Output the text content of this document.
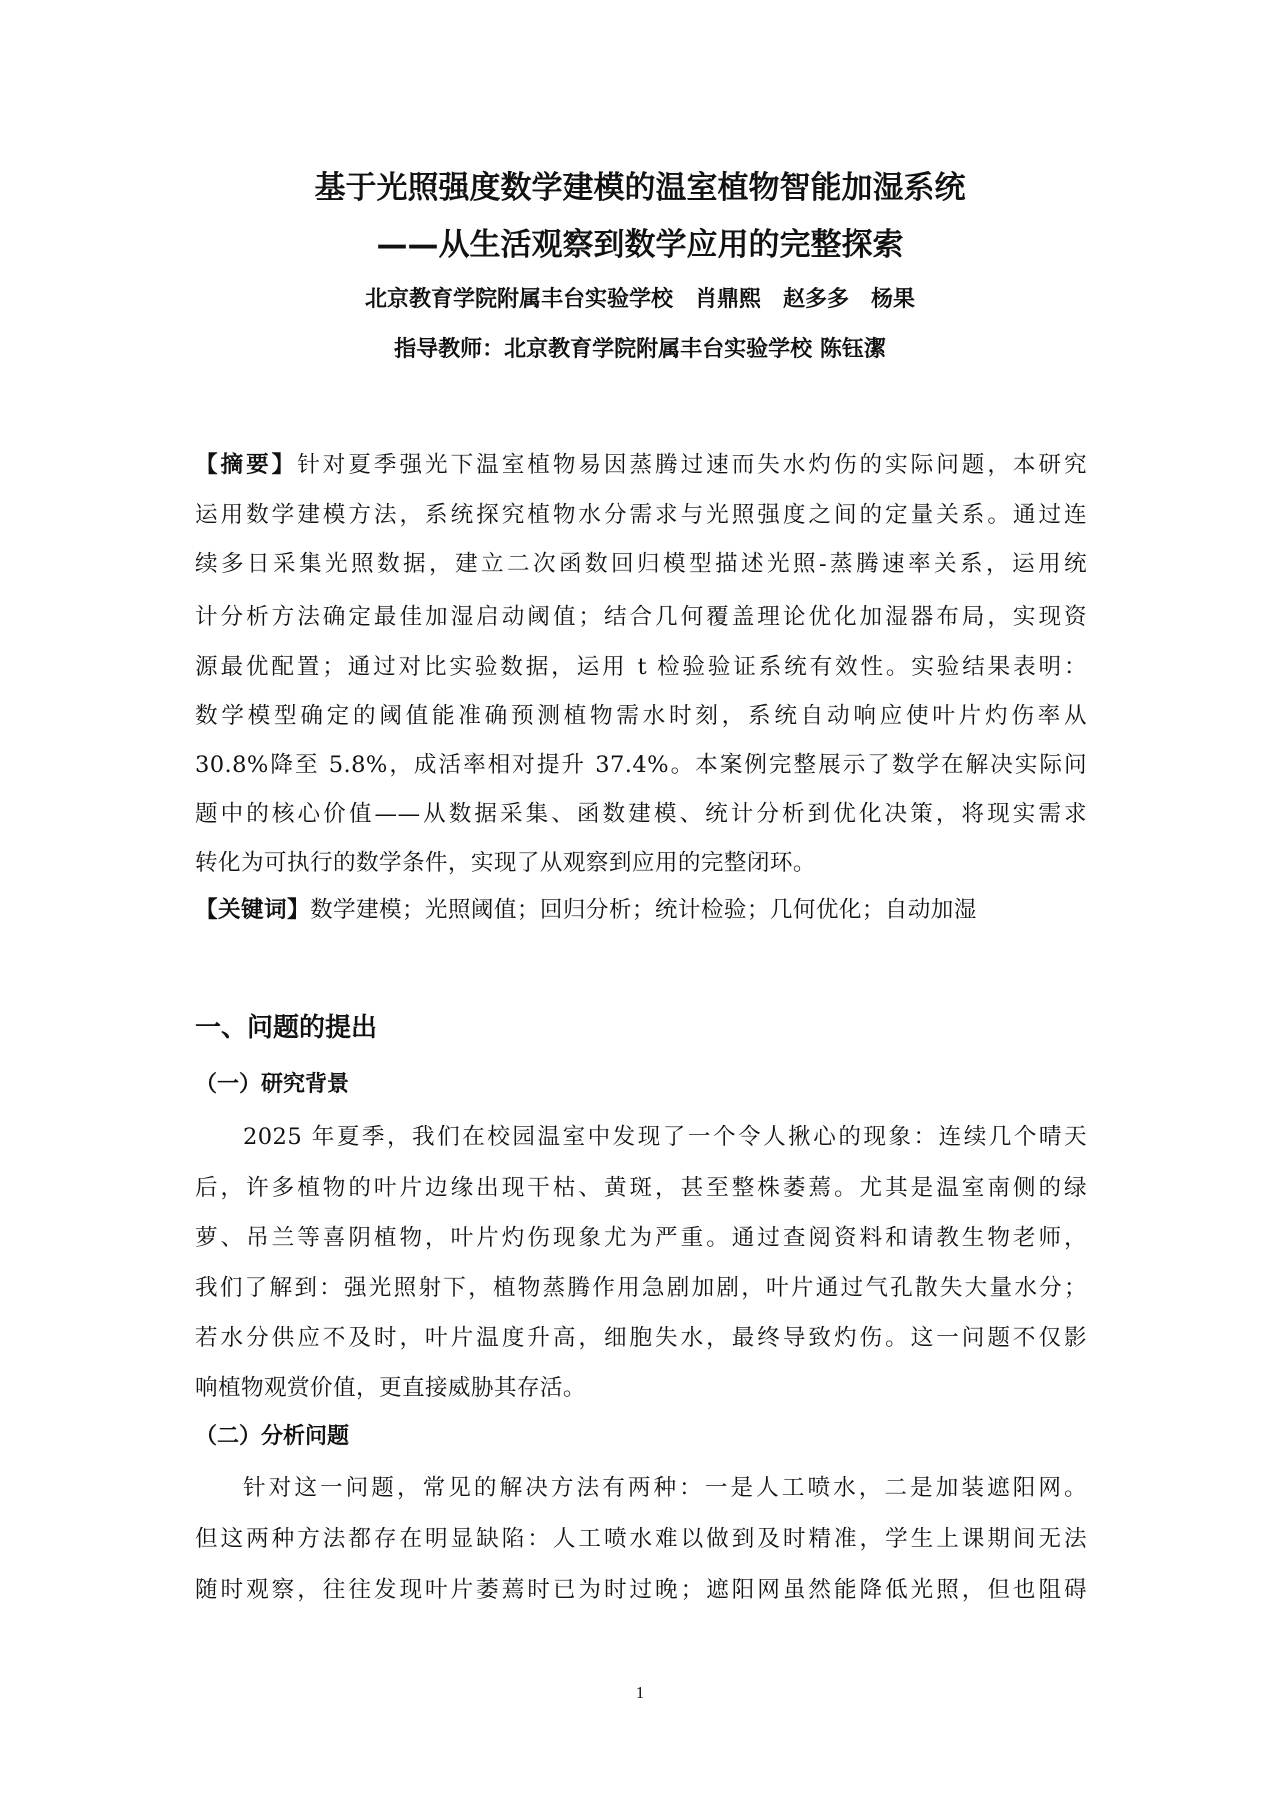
基于光照强度数学建模的温室植物智能加湿系统
——从生活观察到数学应用的完整探索
北京教育学院附属丰台实验学校　肖鼎熙　赵多多　杨果
指导教师：北京教育学院附属丰台实验学校 陈钰潔
【摘要】针对夏季强光下温室植物易因蒸腾过速而失水灼伤的实际问题，本研究
运用数学建模方法，系统探究植物水分需求与光照强度之间的定量关系。通过连
续多日采集光照数据，建立二次函数回归模型描述光照-蒸腾速率关系，运用统
计分析方法确定最佳加湿启动阈值；结合几何覆盖理论优化加湿器布局，实现资
源最优配置；通过对比实验数据，运用 t 检验验证系统有效性。实验结果表明：
数学模型确定的阈值能准确预测植物需水时刻，系统自动响应使叶片灼伤率从
30.8%降至 5.8%，成活率相对提升 37.4%。本案例完整展示了数学在解决实际问
题中的核心价值——从数据采集、函数建模、统计分析到优化决策，将现实需求
转化为可执行的数学条件，实现了从观察到应用的完整闭环。
【关键词】数学建模；光照阈值；回归分析；统计检验；几何优化；自动加湿
一、问题的提出
（一）研究背景
2025 年夏季，我们在校园温室中发现了一个令人揪心的现象：连续几个晴天
后，许多植物的叶片边缘出现干枯、黄斑，甚至整株萎蔫。尤其是温室南侧的绿
萝、吊兰等喜阴植物，叶片灼伤现象尤为严重。通过查阅资料和请教生物老师，
我们了解到：强光照射下，植物蒸腾作用急剧加剧，叶片通过气孔散失大量水分；
若水分供应不及时，叶片温度升高，细胞失水，最终导致灼伤。这一问题不仅影
响植物观赏价值，更直接威胁其存活。
（二）分析问题
针对这一问题，常见的解决方法有两种：一是人工喷水，二是加装遮阳网。
但这两种方法都存在明显缺陷：人工喷水难以做到及时精准，学生上课期间无法
随时观察，往往发现叶片萎蔫时已为时过晚；遮阳网虽然能降低光照，但也阻碍
1
